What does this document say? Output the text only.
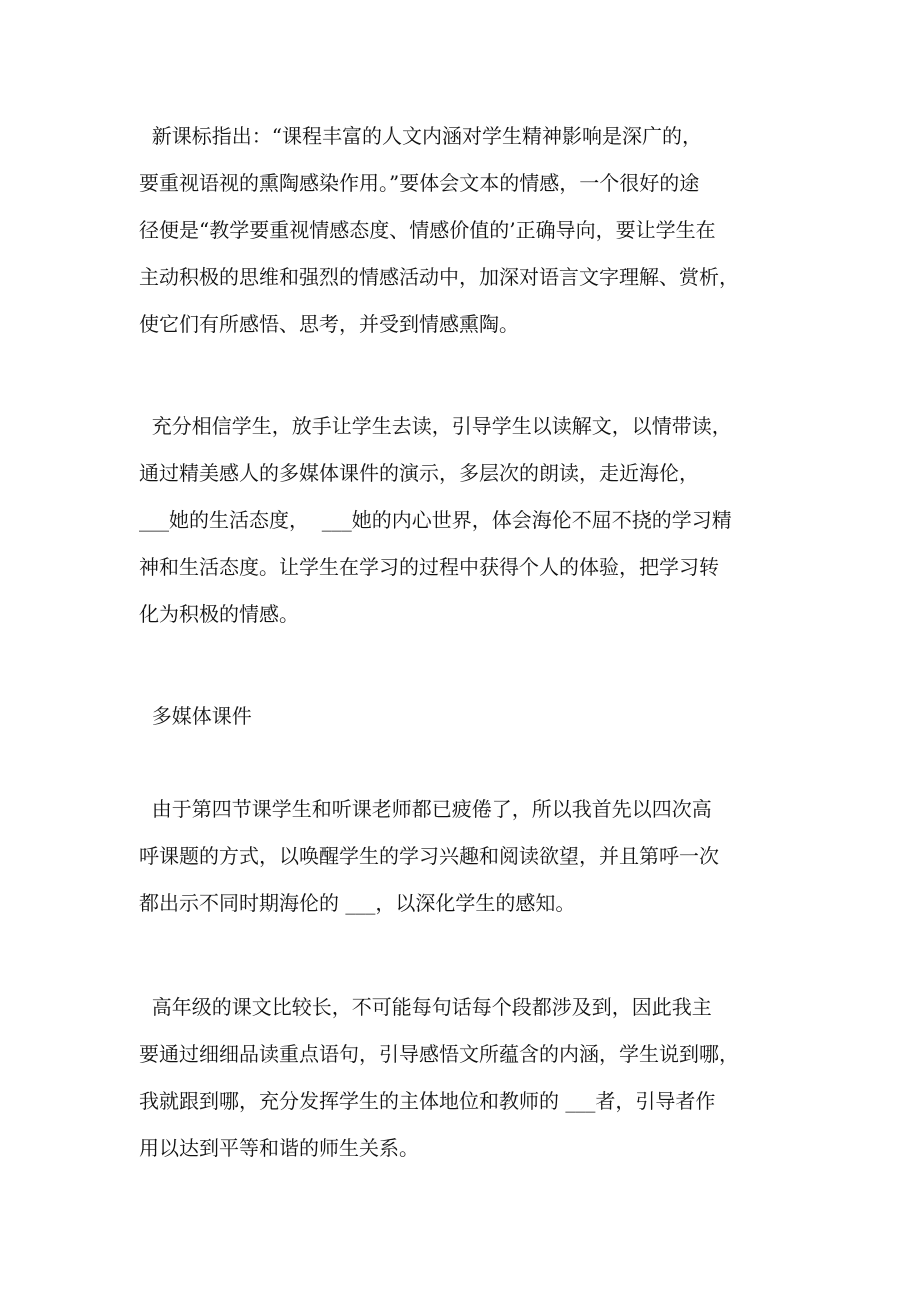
新课标指出：“课程丰富的人文内涵对学生精神影响是深广的，
要重视语视的熏陶感染作用。”要体会文本的情感，一个很好的途
径便是“教学要重视情感态度、情感价值的’正确导向，要让学生在
主动积极的思维和强烈的情感活动中，加深对语言文字理解、赏析，
使它们有所感悟、思考，并受到情感熏陶。

充分相信学生，放手让学生去读，引导学生以读解文，以情带读，
通过精美感人的多媒体课件的演示，多层次的朗读，走近海伦，
___她的生活态度，  ___她的内心世界，体会海伦不屈不挠的学习精
神和生活态度。让学生在学习的过程中获得个人的体验，把学习转
化为积极的情感。

多媒体课件

由于第四节课学生和听课老师都已疲倦了，所以我首先以四次高
呼课题的方式，以唤醒学生的学习兴趣和阅读欲望，并且第呼一次
都出示不同时期海伦的 ___，以深化学生的感知。

高年级的课文比较长，不可能每句话每个段都涉及到，因此我主
要通过细细品读重点语句，引导感悟文所蕴含的内涵，学生说到哪，
我就跟到哪，充分发挥学生的主体地位和教师的 ___者，引导者作
用以达到平等和谐的师生关系。
